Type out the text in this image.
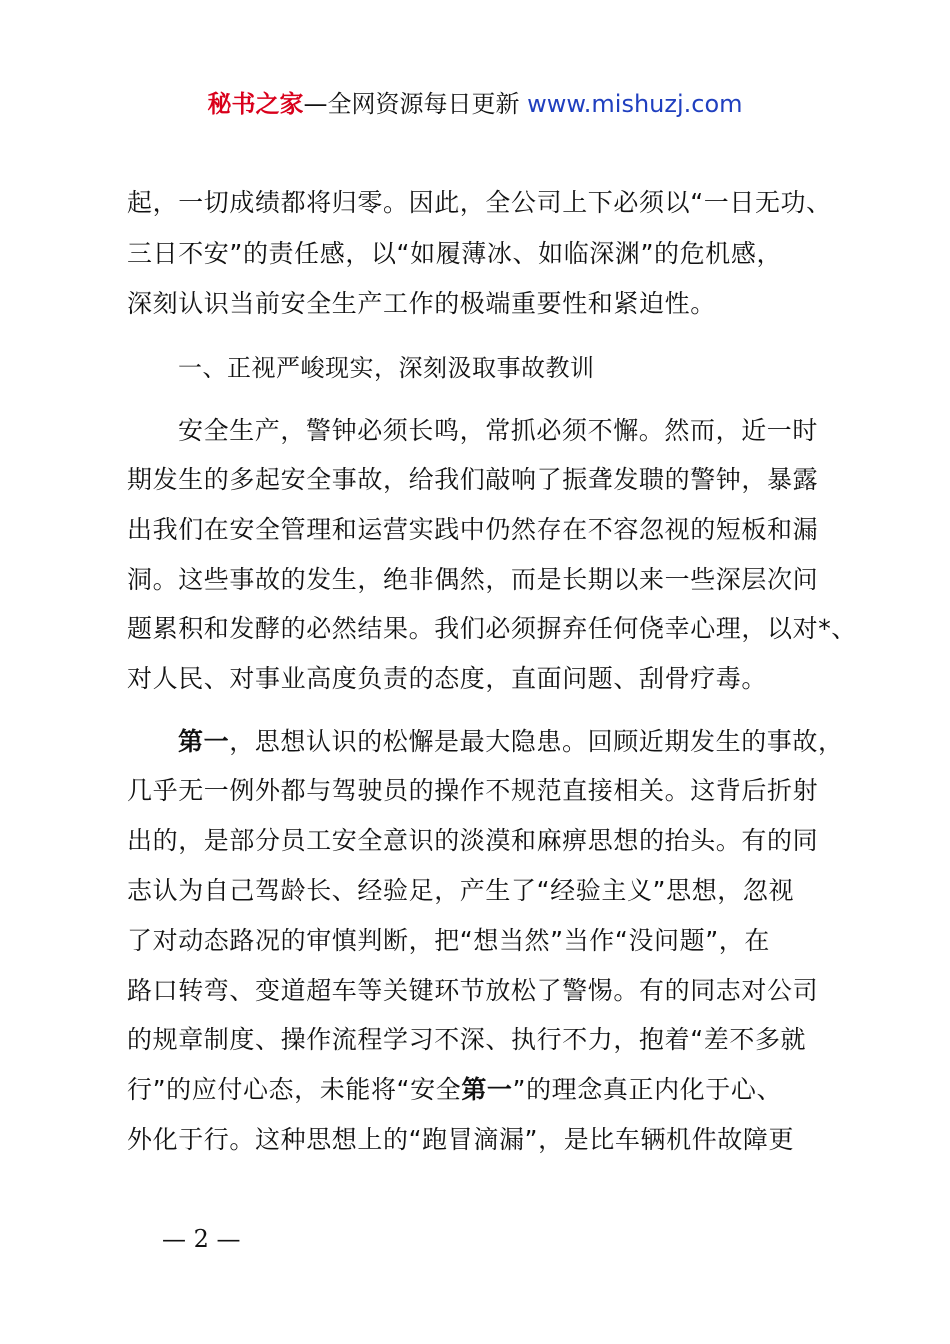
秘书之家—全网资源每日更新 www.mishuzj.com
起，一切成绩都将归零。因此，全公司上下必须以“一日无功、
三日不安”的责任感，以“如履薄冰、如临深渊”的危机感，
深刻认识当前安全生产工作的极端重要性和紧迫性。
一、正视严峻现实，深刻汲取事故教训
安全生产，警钟必须长鸣，常抓必须不懈。然而，近一时
期发生的多起安全事故，给我们敲响了振聋发聩的警钟，暴露
出我们在安全管理和运营实践中仍然存在不容忽视的短板和漏
洞。这些事故的发生，绝非偶然，而是长期以来一些深层次问
题累积和发酵的必然结果。我们必须摒弃任何侥幸心理，以对*、
对人民、对事业高度负责的态度，直面问题、刮骨疗毒。
第一，思想认识的松懈是最大隐患。回顾近期发生的事故，
几乎无一例外都与驾驶员的操作不规范直接相关。这背后折射
出的，是部分员工安全意识的淡漠和麻痹思想的抬头。有的同
志认为自己驾龄长、经验足，产生了“经验主义”思想，忽视
了对动态路况的审慎判断，把“想当然”当作“没问题”，在
路口转弯、变道超车等关键环节放松了警惕。有的同志对公司
的规章制度、操作流程学习不深、执行不力，抱着“差不多就
行”的应付心态，未能将“安全第一”的理念真正内化于心、
外化于行。这种思想上的“跑冒滴漏”，是比车辆机件故障更
— 2 —
